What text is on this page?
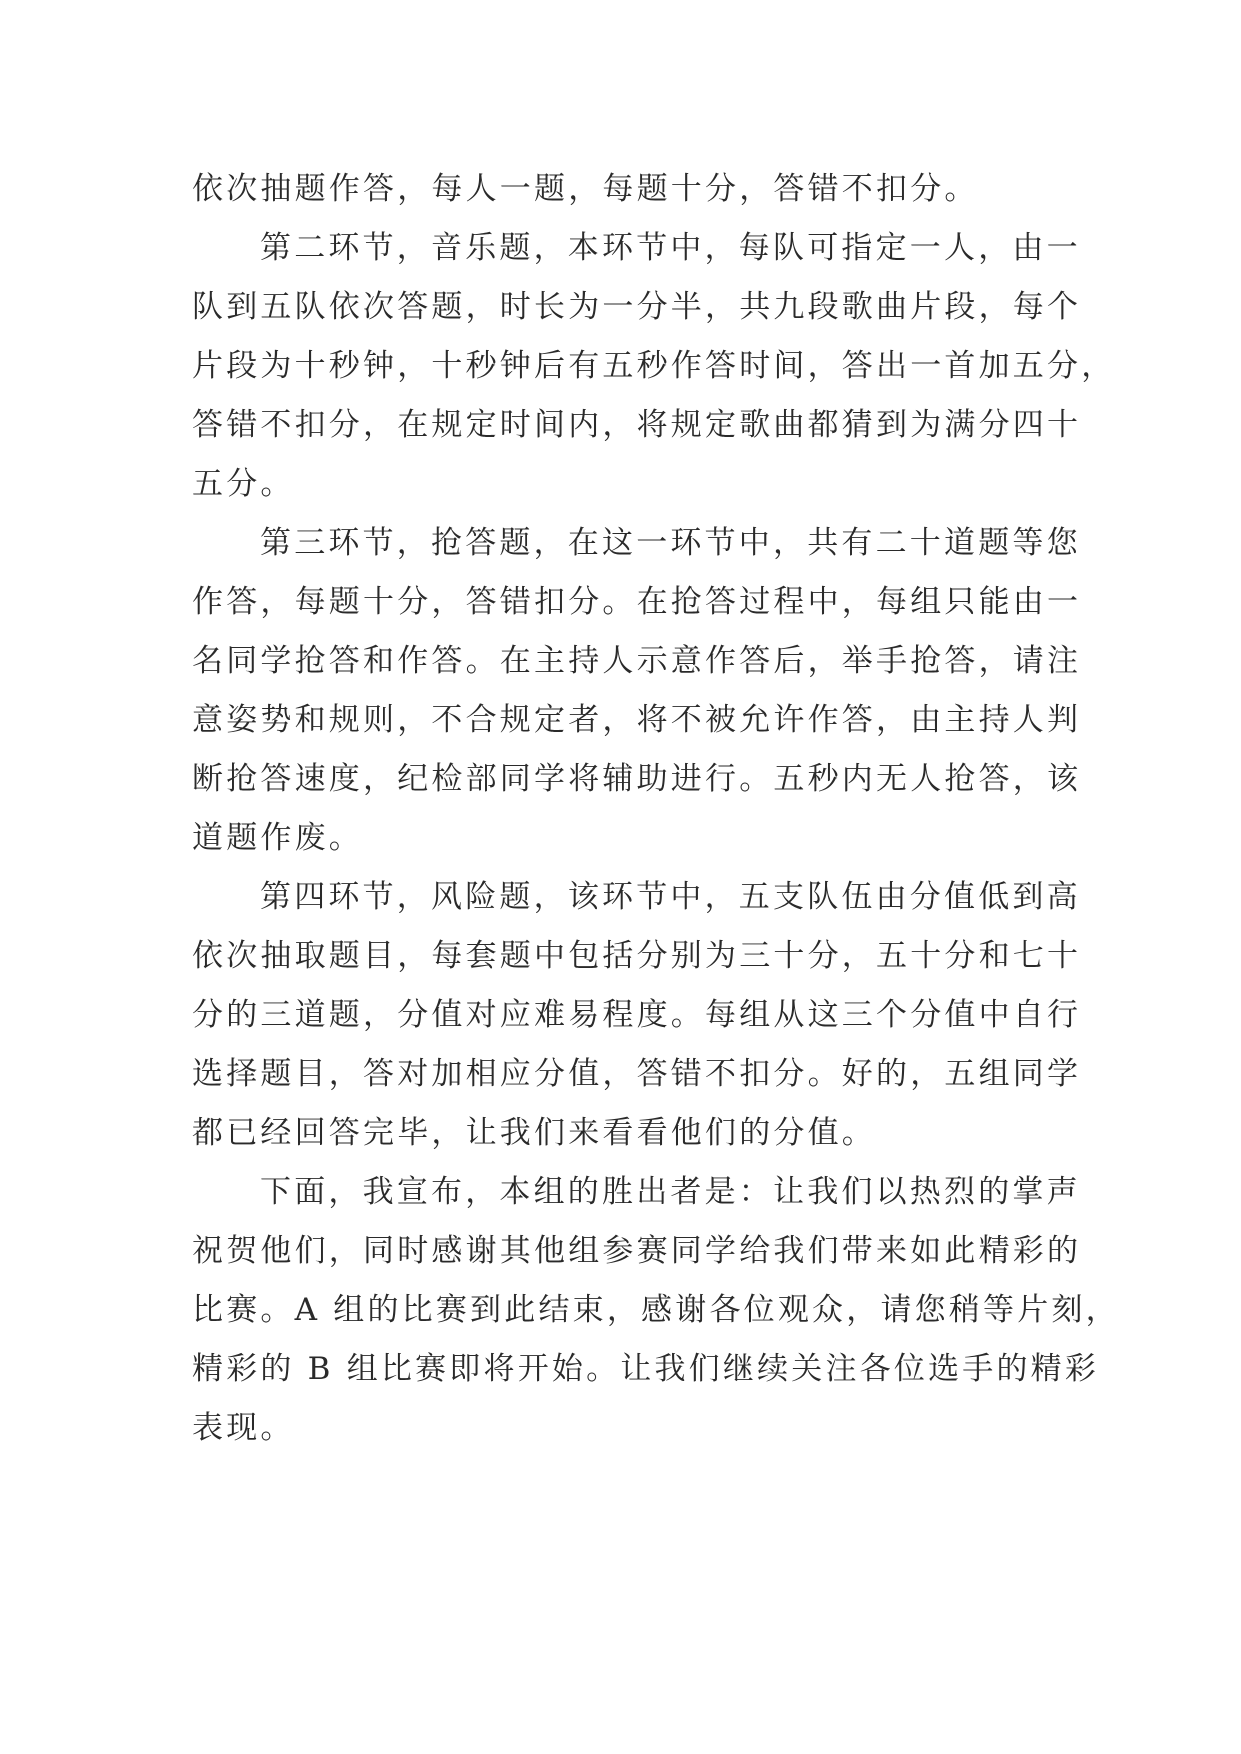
依次抽题作答，每人一题，每题十分，答错不扣分。
第二环节，音乐题，本环节中，每队可指定一人，由一
队到五队依次答题，时长为一分半，共九段歌曲片段，每个
片段为十秒钟，十秒钟后有五秒作答时间，答出一首加五分，
答错不扣分，在规定时间内，将规定歌曲都猜到为满分四十
五分。
第三环节，抢答题，在这一环节中，共有二十道题等您
作答，每题十分，答错扣分。在抢答过程中，每组只能由一
名同学抢答和作答。在主持人示意作答后，举手抢答，请注
意姿势和规则，不合规定者，将不被允许作答，由主持人判
断抢答速度，纪检部同学将辅助进行。五秒内无人抢答，该
道题作废。
第四环节，风险题，该环节中，五支队伍由分值低到高
依次抽取题目，每套题中包括分别为三十分，五十分和七十
分的三道题，分值对应难易程度。每组从这三个分值中自行
选择题目，答对加相应分值，答错不扣分。好的，五组同学
都已经回答完毕，让我们来看看他们的分值。
下面，我宣布，本组的胜出者是：让我们以热烈的掌声
祝贺他们，同时感谢其他组参赛同学给我们带来如此精彩的
比赛。A 组的比赛到此结束，感谢各位观众，请您稍等片刻，
精彩的 B 组比赛即将开始。让我们继续关注各位选手的精彩
表现。
